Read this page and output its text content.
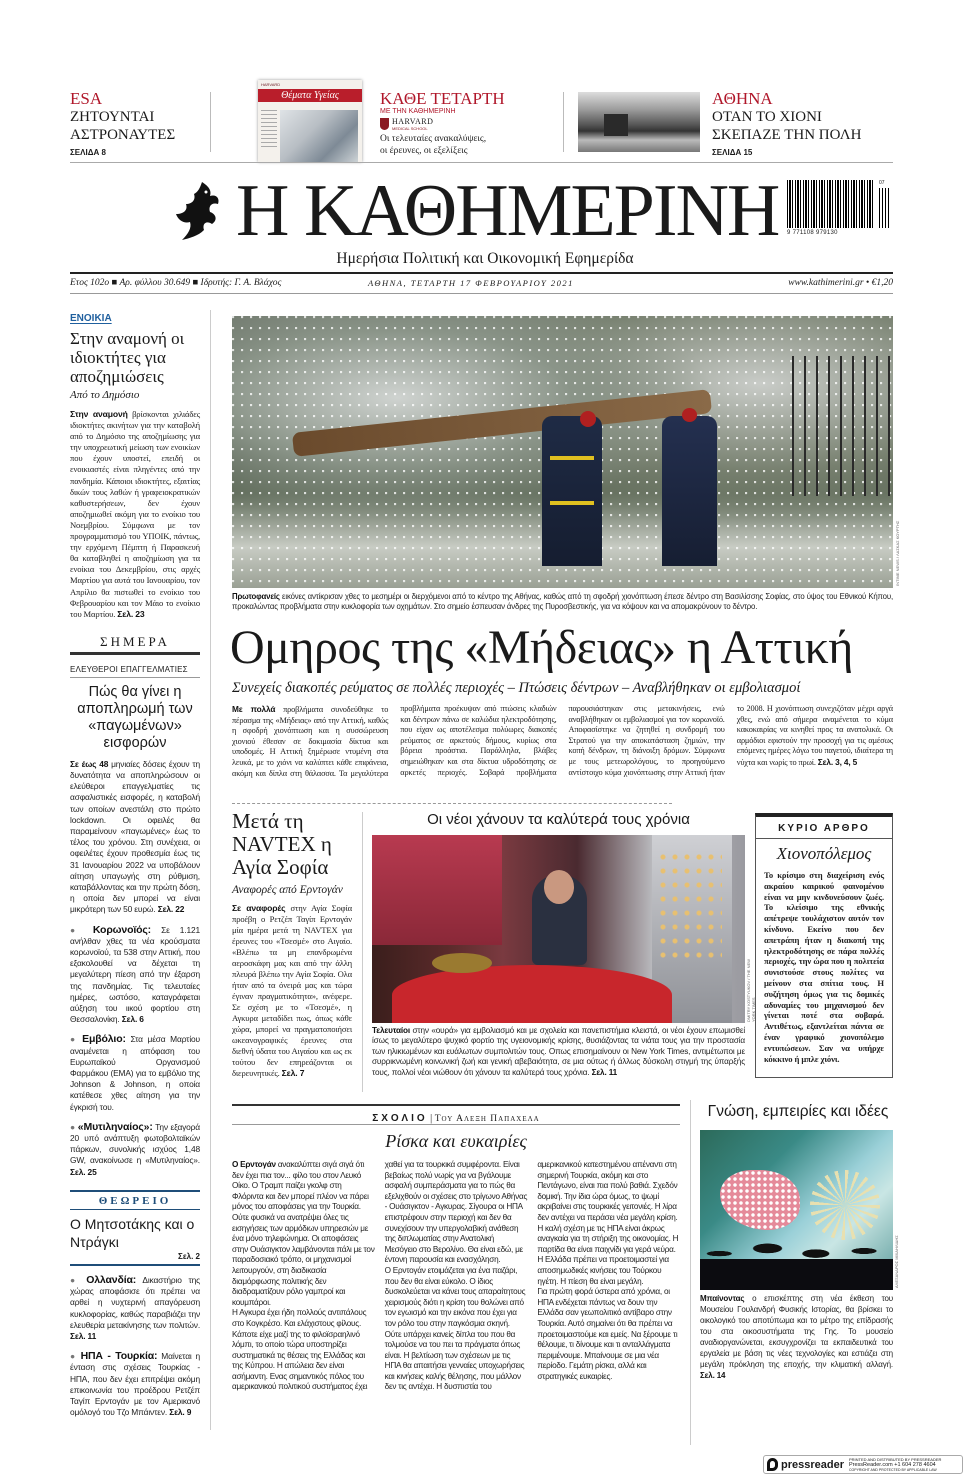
ESA
ΖΗΤΟΥΝΤΑΙ
ΑΣΤΡΟΝΑΥΤΕΣ
ΣΕΛΙΔΑ 8
HARVARD
Θέματα Υγείας	ΚΑΘΕ ΤΕΤΑΡΤΗ
ΜΕ ΤΗΝ ΚΑΘΗΜΕΡΙΝΗ
HARVARD
MEDICAL SCHOOL
Οι τελευταίες ανακαλύψεις,
οι έρευνες, οι εξελίξεις
ΑΘΗΝΑ
ΟΤΑΝ ΤΟ ΧΙΟΝΙ
ΣΚΕΠΑΖΕ ΤΗΝ ΠΟΛΗ
ΣΕΛΙΔΑ 15
Η ΚΑΘΗΜΕΡΙΝΗ	07
9 771108 979130
Ημερήσια Πολιτική και Οικονομική Εφημερίδα
Ετος 102ο ■ Αρ. φύλλου 30.649 ■ Ιδρυτής: Γ. Α. Βλάχος	ΑΘΗΝΑ, ΤΕΤΑΡΤΗ 17 ΦΕΒΡΟΥΑΡΙΟΥ 2021	www.kathimerini.gr • €1,20
ΕΝΟΙΚΙΑ
Στην αναμονή οι ιδιοκτήτες για αποζημιώσεις
Από το Δημόσιο
Στην αναμονή βρίσκονται χιλιάδες ιδιοκτήτες ακινήτων για την καταβολή από το Δημόσιο της αποζημίωσης για την υποχρεωτική μείωση των ενοικίων που έχουν υποστεί, επειδή οι ενοικιαστές είναι πληγέντες από την πανδημία. Κάποιοι ιδιοκτήτες, εξαιτίας δικών τους λαθών ή γραφειοκρατικών καθυστερήσεων, δεν έχουν αποζημιωθεί ακόμη για το ενοίκιο του Νοεμβρίου. Σύμφωνα με τον προγραμματισμό του ΥΠΟΙΚ, πάντως, την ερχόμενη Πέμπτη ή Παρασκευή θα καταβληθεί η αποζημίωση για τα ενοίκια του Δεκεμβρίου, στις αρχές Μαρτίου για αυτά του Ιανουαρίου, τον Απρίλιο θα πιστωθεί το ενοίκιο του Φεβρουαρίου και τον Μάιο το ενοίκιο του Μαρτίου. Σελ. 23
ΣΗΜΕΡΑ
ΕΛΕΥΘΕΡΟΙ ΕΠΑΓΓΕΛΜΑΤΙΕΣ
Πώς θα γίνει η αποπληρωμή των «παγωμένων» εισφορών
Σε έως 48 μηνιαίες δόσεις έχουν τη δυνατότητα να αποπληρώσουν οι ελεύθεροι επαγγελματίες τις ασφαλιστικές εισφορές, η καταβολή των οποίων ανεστάλη στο πρώτο lockdown. Οι οφειλές θα παραμείνουν «παγωμένες» έως το τέλος του χρόνου. Στη συνέχεια, οι οφειλέτες έχουν προθεσμία έως τις 31 Ιανουαρίου 2022 να υποβάλουν αίτηση υπαγωγής στη ρύθμιση, καταβάλλοντας και την πρώτη δόση, η οποία δεν μπορεί να είναι μικρότερη των 50 ευρώ. Σελ. 22
● Κορωνοϊός: Σε 1.121 ανήλθαν χθες τα νέα κρούσματα κορωνοϊού, τα 538 στην Αττική, που εξακολουθεί να δέχεται τη μεγαλύτερη πίεση από την έξαρση της πανδημίας. Τις τελευταίες ημέρες, ωστόσο, καταγράφεται αύξηση του ιικού φορτίου στη Θεσσαλονίκη. Σελ. 6
● Εμβόλιο: Στα μέσα Μαρτίου αναμένεται η απόφαση του Ευρωπαϊκού Οργανισμού Φαρμάκου (ΕΜΑ) για το εμβόλιο της Johnson & Johnson, η οποία κατέθεσε χθες αίτηση για την έγκρισή του.
● «Μυτιληναίος»: Την εξαγορά 20 υπό ανάπτυξη φωτοβολταϊκών πάρκων, συνολικής ισχύος 1,48 GW, ανακοίνωσε η «Μυτιληναίος». Σελ. 25
ΘΕΩΡΕΙΟ
Ο Μητσοτάκης και ο Ντράγκι
Σελ. 2
● Ολλανδία: Δικαστήριο της χώρας αποφάσισε ότι πρέπει να αρθεί η νυχτερινή απαγόρευση κυκλοφορίας, καθώς παραβιάζει την ελευθερία μετακίνησης των πολιτών. Σελ. 11
● ΗΠΑ - Τουρκία: Μαίνεται η ένταση στις σχέσεις Τουρκίας - ΗΠΑ, που δεν έχει επιτρέψει ακόμη επικοινωνία του προέδρου Ρετζέπ Ταγίπ Ερντογάν με τον Αμερικανό ομόλογό του Τζο Μπάιντεν. Σελ. 9
INTIME NEWS / ΛΑΣΚΑΣ ΚΟΥΡΤΗΣ
Πρωτοφανείς εικόνες αντίκρισαν χθες το μεσημέρι οι διερχόμενοι από το κέντρο της Αθήνας, καθώς από τη σφοδρή χιονόπτωση έπεσε δέντρο στη Βασιλίσσης Σοφίας, στο ύψος του Εθνικού Κήπου, προκαλώντας προβλήματα στην κυκλοφορία των οχημάτων. Στο σημείο έσπευσαν άνδρες της Πυροσβεστικής, για να κόψουν και να απομακρύνουν το δέντρο.
Ομηρος της «Μήδειας» η Αττική
Συνεχείς διακοπές ρεύματος σε πολλές περιοχές – Πτώσεις δέντρων – Αναβλήθηκαν οι εμβολιασμοί
Με πολλά προβλήματα συνοδεύθηκε το πέρασμα της «Μήδειας» από την Αττική, καθώς η σφοδρή χιονόπτωση και η συσσώρευση χιονιού έθεσαν σε δοκιμασία δίκτυα και υποδομές. Η Αττική ξημέρωσε ντυμένη στα λευκά, με το χιόνι να καλύπτει κάθε επιφάνεια, ακόμη και δίπλα στη θάλασσα. Τα μεγαλύτερα προβλήματα προέκυψαν από πτώσεις κλαδιών και δέντρων πάνω σε καλώδια ηλεκτροδότησης, που είχαν ως αποτέλεσμα πολύωρες διακοπές ρεύματος σε αρκετούς δήμους, κυρίως στα βόρεια προάστια. Παράλληλα, βλάβες σημειώθηκαν και στα δίκτυα υδροδότησης σε αρκετές περιοχές. Σοβαρά προβλήματα παρουσιάστηκαν στις μετακινήσεις, ενώ αναβλήθηκαν οι εμβολιασμοί για τον κορωνοϊό. Αποφασίστηκε να ζητηθεί η συνδρομή του Στρατού για την αποκατάσταση ζημιών, την κοπή δένδρων, τη διάνοιξη δρόμων. Σύμφωνα με τους μετεωρολόγους, το προηγούμενο αντίστοιχο κύμα χιονόπτωσης στην Αττική ήταν το 2008. Η χιονόπτωση συνεχιζόταν μέχρι αργά χθες, ενώ από σήμερα αναμένεται το κύμα κακοκαιρίας να κινηθεί προς τα ανατολικά. Οι αρμόδιοι εφιστούν την προσοχή για τις αμέσως επόμενες ημέρες λόγω του παγετού, ιδιαίτερα τη νύχτα και νωρίς το πρωί. Σελ. 3, 4, 5
Μετά τη NAVTEX η Αγία Σοφία
Αναφορές από Ερντογάν
Σε αναφορές στην Αγία Σοφία προέβη ο Ρετζέπ Ταγίπ Ερντογάν μία ημέρα μετά τη NAVTEX για έρευνες του «Τσεσμέ» στο Αιγαίο. «Βλέπω τα μη επανδρωμένα αεροσκάφη μας και από την άλλη πλευρά βλέπω την Αγία Σοφία. Ολα ήταν από τα όνειρά μας και τώρα έγιναν πραγματικότητα», ανέφερε. Σε σχέση με το «Τσεσμέ», η Αγκυρα μεταδίδει πως, όπως κάθε χώρα, μπορεί να πραγματοποιήσει ωκεανογραφικές έρευνες στα διεθνή ύδατα του Αιγαίου και ως εκ τούτου δεν επηρεάζονται οι διερευνητικές. Σελ. 7
Οι νέοι χάνουν τα καλύτερά τους χρόνια
DMITRY KOSTYUKOV / THE NEW YORK TIMES
Τελευταίοι στην «ουρά» για εμβολιασμό και με σχολεία και πανεπιστήμια κλειστά, οι νέοι έχουν επωμισθεί ίσως το μεγαλύτερο ψυχικό φορτίο της υγειονομικής κρίσης, θυσιάζοντας τα νιάτα τους για την προστασία των ηλικιωμένων και ευάλωτων συμπολιτών τους. Οπως επισημαίνουν οι New York Times, αντιμέτωποι με συρρικνωμένη κοινωνική ζωή και γενική αβεβαιότητα, σε μια ούτως ή άλλως δύσκολη στιγμή της ύπαρξής τους, πολλοί νέοι νιώθουν ότι χάνουν τα καλύτερά τους χρόνια. Σελ. 11
ΚΥΡΙΟ ΑΡΘΡΟ
Χιονοπόλεμος
Το κρίσιμο στη διαχείριση ενός ακραίου καιρικού φαινομένου είναι να μην κινδυνεύσουν ζωές. Το κλείσιμο της εθνικής απέτρεψε τουλάχιστον αυτόν τον κίνδυνο. Εκείνο που δεν απετράπη ήταν η διακοπή της ηλεκτροδότησης σε πάρα πολλές περιοχές, την ώρα που η πολιτεία συνιστούσε στους πολίτες να μείνουν στα σπίτια τους. Η συζήτηση όμως για τις δομικές αδυναμίες του μηχανισμού δεν γίνεται ποτέ στα σοβαρά. Αντιθέτως, εξαντλείται πάντα σε έναν γραφικό χιονοπόλεμο εντυπώσεων. Σαν να υπήρχε κόκκινο ή μπλε χιόνι.
ΣΧΟΛΙΟ | Του Αλεξη Παπαχελα
Ρίσκα και ευκαιρίες
Ο Ερντογάν ανακαλύπτει σιγά σιγά ότι δεν έχει πια τον... φίλο του στον Λευκό Οίκο. Ο Τραμπ παίζει γκολφ στη Φλόριντα και δεν μπορεί πλέον να πάρει μόνος του αποφάσεις για την Τουρκία. Ούτε φυσικά να ανατρέψει όλες τις εισηγήσεις των αρμόδιων υπηρεσιών με ένα μόνο τηλεφώνημα. Οι αποφάσεις στην Ουάσιγκτον λαμβάνονται πάλι με τον παραδοσιακό τρόπο, οι μηχανισμοί λειτουργούν, στη διαδικασία διαμόρφωσης πολιτικής δεν διαδραματίζουν ρόλο γαμπροί και κουμπάροι.
Η Αγκυρα έχει ήδη πολλούς αντιπάλους στο Κογκρέσο. Και ελάχιστους φίλους. Κάποτε είχε μαζί της το φιλοϊσραηλινό λόμπι, το οποίο τώρα υποστηρίζει συστηματικά τις θέσεις της Ελλάδας και της Κύπρου. Η απώλεια δεν είναι ασήμαντη. Ενας σημαντικός πόλος του αμερικανικού πολιτικού συστήματος έχει χαθεί για τα τουρκικά συμφέροντα. Είναι βεβαίως πολύ νωρίς για να βγάλουμε ασφαλή συμπεράσματα για το πώς θα εξελιχθούν οι σχέσεις στο τρίγωνο Αθήνας - Ουάσιγκτον - Αγκυρας. Σίγουρα οι ΗΠΑ επιστρέφουν στην περιοχή και δεν θα συνεχίσουν την υπεργολαβική ανάθεση της διπλωματίας στην Ανατολική Μεσόγειο στο Βερολίνο. Θα είναι εδώ, με έντονη παρουσία και ενασχόληση.
Ο Ερντογάν ετοιμάζεται για ένα παζάρι, που δεν θα είναι εύκολο. Ο ίδιος δυσκολεύεται να κάνει τους απαραίτητους χειρισμούς διότι η κρίση του θολώνει από τον εγωισμό και την εικόνα που έχει για τον ρόλο του στην παγκόσμια σκηνή. Ούτε υπάρχει κανείς δίπλα του που θα τολμούσε να του πει τα πράγματα όπως είναι. Η βελτίωση των σχέσεων με τις ΗΠΑ θα απαιτήσει γενναίες υποχωρήσεις και κινήσεις καλής θέλησης, που μάλλον δεν τις αντέχει. Η δυσπιστία του αμερικανικού κατεστημένου απέναντι στη σημερινή Τουρκία, ακόμη και στο Πεντάγωνο, είναι πια πολύ βαθιά. Σχεδόν δομική. Την ίδια ώρα όμως, το ψωμί ακριβαίνει στις τουρκικές γειτονιές. Η λίρα δεν αντέχει να περάσει νέα μεγάλη κρίση. Η καλή σχέση με τις ΗΠΑ είναι άκρως αναγκαία για τη στήριξη της οικονομίας. Η παρτίδα θα είναι παιχνίδι για γερά νεύρα. Η Ελλάδα πρέπει να προετοιμαστεί για αποσημωδικές κινήσεις του Τούρκου ηγέτη. Η πίεση θα είναι μεγάλη.
Για πρώτη φορά ύστερα από χρόνια, οι ΗΠΑ ενδέχεται πάντως να δουν την Ελλάδα σαν γεωπολιτικό αντίβαρο στην Τουρκία. Αυτό σημαίνει ότι θα πρέπει να προετοιμαστούμε και εμείς. Να ξέρουμε τι θέλουμε, τι δίνουμε και τι ανταλλάγματα περιμένουμε. Μπαίνουμε σε μια νέα περίοδο. Γεμάτη ρίσκα, αλλά και στρατηγικές ευκαιρίες.
Γνώση, εμπειρίες και ιδέες
ΑΛΕΞΑΝΔΡΟΣ ΜΙΧΑΗΛΙΔΗΣ
Μπαίνοντας ο επισκέπτης στη νέα έκθεση του Μουσείου Γουλανδρή Φυσικής Ιστορίας, θα βρίσκει το οικολογικό του αποτύπωμα και το μέτρο της επίδρασής του στα οικοσυστήματα της Γης. Το μουσείο αναδιοργανώνεται, εκσυγχρονίζει τα εκπαιδευτικά του εργαλεία με βάση τις νέες τεχνολογίες και εστιάζει στη μεγάλη πρόκληση της εποχής, την κλιματική αλλαγή. Σελ. 14
pressreader PRINTED AND DISTRIBUTED BY PRESSREADER
PressReader.com +1 604 278 4604
COPYRIGHT AND PROTECTED BY APPLICABLE LAW
